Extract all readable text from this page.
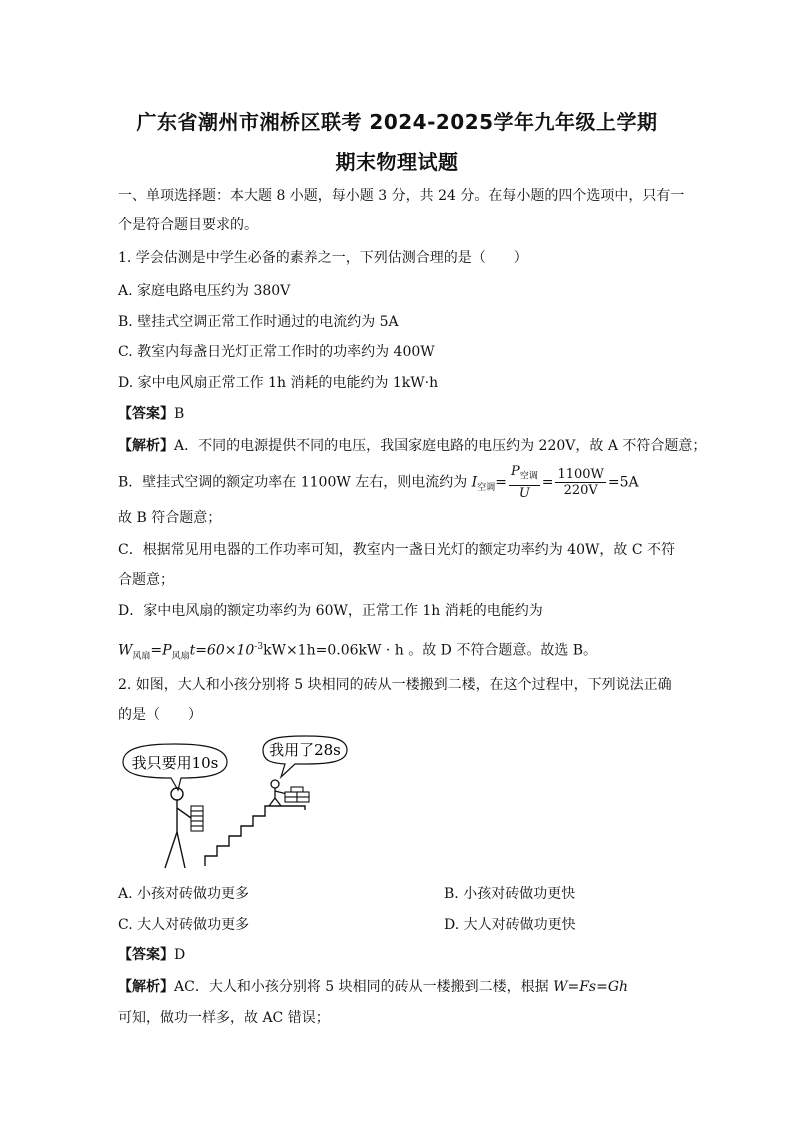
广东省潮州市湘桥区联考 2024-2025学年九年级上学期
期末物理试题
一、单项选择题：本大题 8 小题，每小题 3 分，共 24 分。在每小题的四个选项中，只有一
个是符合题目要求的。
1. 学会估测是中学生必备的素养之一，下列估测合理的是（　　）
A. 家庭电路电压约为 380V
B. 壁挂式空调正常工作时通过的电流约为 5A
C. 教室内每盏日光灯正常工作时的功率约为 400W
D. 家中电风扇正常工作 1h 消耗的电能约为 1kW·h
【答案】B
【解析】A．不同的电源提供不同的电压，我国家庭电路的电压约为 220V，故 A 不符合题意；
B．壁挂式空调的额定功率在 1100W 左右，则电流约为 $I_{空调}= \frac{P_{空调}}{U} = \frac{1100W}{220V} =5A$
故 B 符合题意；
C．根据常见用电器的工作功率可知，教室内一盏日光灯的额定功率约为 40W，故 C 不符
合题意；
D．家中电风扇的额定功率约为 60W，正常工作 1h 消耗的电能约为
$W_{风扇}=P_{风扇}t=60\times 10^{-3}kW\times 1h=0.06kW \cdot h$ 。故 D 不符合题意。故选 B。
2. 如图，大人和小孩分别将 5 块相同的砖从一楼搬到二楼，在这个过程中，下列说法正确
的是（　　）
我只要用10s
我用了28s
A. 小孩对砖做功更多	B. 小孩对砖做功更快
C. 大人对砖做功更多	D. 大人对砖做功更快
【答案】D
【解析】AC．大人和小孩分别将 5 块相同的砖从一楼搬到二楼，根据 W=Fs=Gh
可知，做功一样多，故 AC 错误；
